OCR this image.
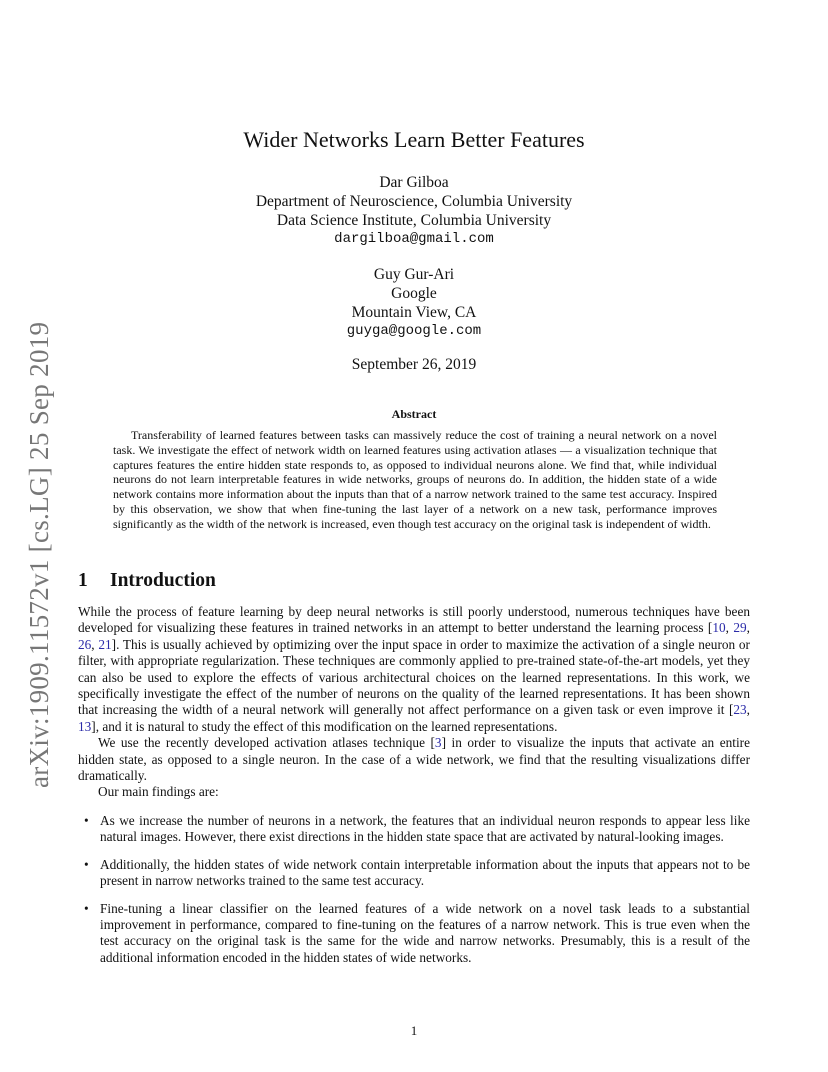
arXiv:1909.11572v1 [cs.LG] 25 Sep 2019
Wider Networks Learn Better Features
Dar Gilboa
Department of Neuroscience, Columbia University
Data Science Institute, Columbia University
dargilboa@gmail.com
Guy Gur-Ari
Google
Mountain View, CA
guyga@google.com
September 26, 2019
Abstract
Transferability of learned features between tasks can massively reduce the cost of training a neural network on a novel task. We investigate the effect of network width on learned features using activation atlases — a visualization technique that captures features the entire hidden state responds to, as opposed to individual neurons alone. We find that, while individual neurons do not learn interpretable features in wide networks, groups of neurons do. In addition, the hidden state of a wide network contains more information about the inputs than that of a narrow network trained to the same test accuracy. Inspired by this observation, we show that when fine-tuning the last layer of a network on a new task, performance improves significantly as the width of the network is increased, even though test accuracy on the original task is independent of width.
1 Introduction

While the process of feature learning by deep neural networks is still poorly understood, numerous techniques have been developed for visualizing these features in trained networks in an attempt to better understand the learning process [10, 29, 26, 21]. This is usually achieved by optimizing over the input space in order to maximize the activation of a single neuron or filter, with appropriate regularization. These techniques are commonly applied to pre-trained state-of-the-art models, yet they can also be used to explore the effects of various architectural choices on the learned representations. In this work, we specifically investigate the effect of the number of neurons on the quality of the learned representations. It has been shown that increasing the width of a neural network will generally not affect performance on a given task or even improve it [23, 13], and it is natural to study the effect of this modification on the learned representations.

We use the recently developed activation atlases technique [3] in order to visualize the inputs that activate an entire hidden state, as opposed to a single neuron. In the case of a wide network, we find that the resulting visualizations differ dramatically.

Our main findings are:

• As we increase the number of neurons in a network, the features that an individual neuron responds to appear less like natural images. However, there exist directions in the hidden state space that are activated by natural-looking images.
• Additionally, the hidden states of wide network contain interpretable information about the inputs that appears not to be present in narrow networks trained to the same test accuracy.
• Fine-tuning a linear classifier on the learned features of a wide network on a novel task leads to a substantial improvement in performance, compared to fine-tuning on the features of a narrow network. This is true even when the test accuracy on the original task is the same for the wide and narrow networks. Presumably, this is a result of the additional information encoded in the hidden states of wide networks.
1
